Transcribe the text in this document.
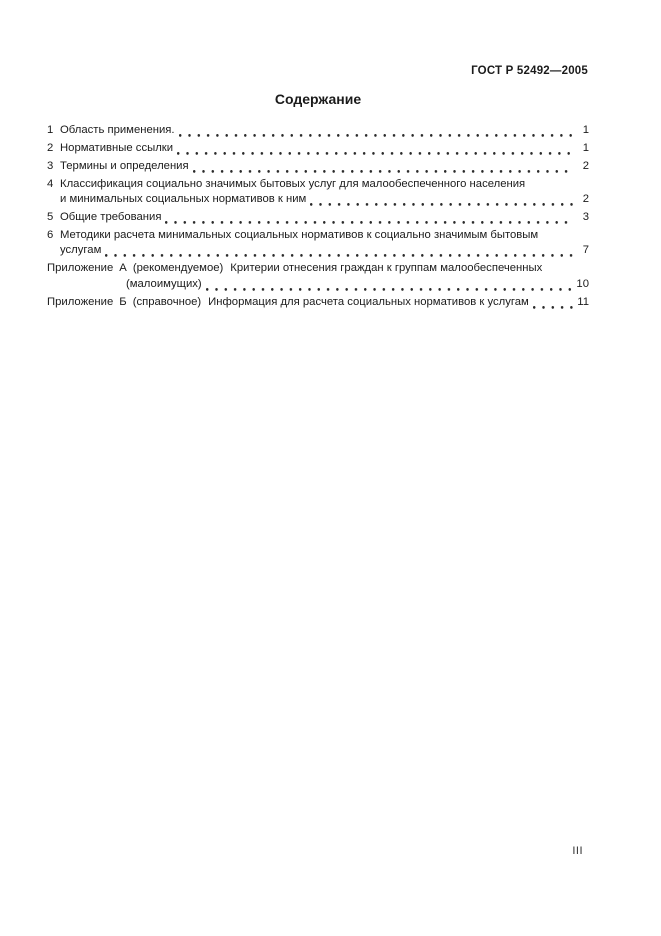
ГОСТ Р 52492—2005
Содержание
1 Область применения.	1
2 Нормативные ссылки	1
3 Термины и определения	2
4 Классификация социально значимых бытовых услуг для малообеспеченного населения
и минимальных социальных нормативов к ним	2
5 Общие требования	3
6 Методики расчета минимальных социальных нормативов к социально значимым бытовым
услугам	7
Приложение А (рекомендуемое) Критерии отнесения граждан к группам малообеспеченных
(малоимущих)	10
Приложение Б (справочное) Информация для расчета социальных нормативов к услугам	11
III
